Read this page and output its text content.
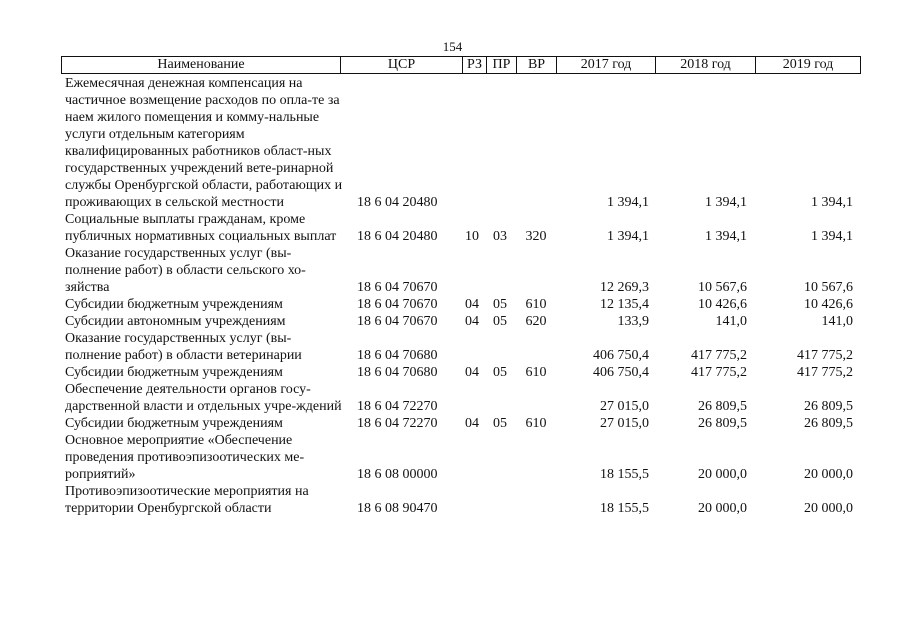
154
Наименование	ЦСР	РЗ ПР	ВР	2017 год	2018 год	2019 год
Ежемесячная денежная компенсация на частичное возмещение расходов по опла-те за наем жилого помещения и комму-нальные услуги отдельным категориям квалифицированных работников област-ных государственных учреждений вете-ринарной службы Оренбургской области, работающих и проживающих в сельской местности	18 6 04 20480	1 394,1	1 394,1	1 394,1
Социальные выплаты гражданам, кроме публичных нормативных социальных выплат	18 6 04 20480 10 03	320	1 394,1	1 394,1	1 394,1
Оказание государственных услуг (вы-полнение работ) в области сельского хо-зяйства	18 6 04 70670	12 269,3	10 567,6	10 567,6
Субсидии бюджетным учреждениям	18 6 04 70670 04 05	610	12 135,4	10 426,6	10 426,6
Субсидии автономным учреждениям	18 6 04 70670 04 05	620	133,9	141,0	141,0
Оказание государственных услуг (вы-полнение работ) в области ветеринарии	18 6 04 70680	406 750,4	417 775,2	417 775,2
Субсидии бюджетным учреждениям	18 6 04 70680 04 05	610	406 750,4	417 775,2	417 775,2
Обеспечение деятельности органов госу-дарственной власти и отдельных учре-ждений 18 6 04 72270	27 015,0	26 809,5	26 809,5
Субсидии бюджетным учреждениям	18 6 04 72270 04 05	610	27 015,0	26 809,5	26 809,5
Основное мероприятие «Обеспечение проведения противоэпизоотических ме-роприятий»	18 6 08 00000	18 155,5	20 000,0	20 000,0
Противоэпизоотические мероприятия на территории Оренбургской области	18 6 08 90470	18 155,5	20 000,0	20 000,0
